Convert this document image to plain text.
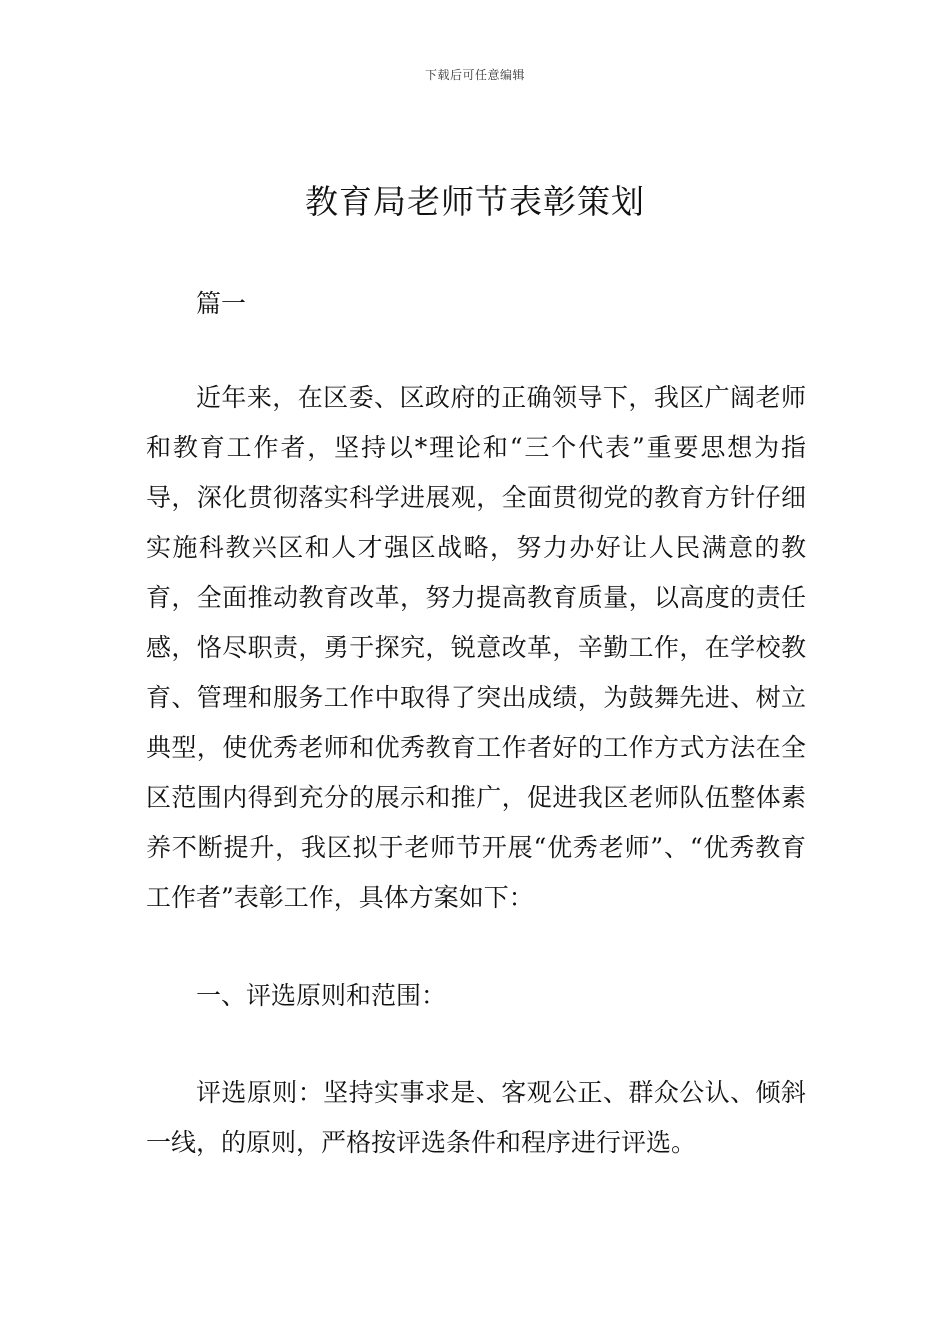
下载后可任意编辑
教育局老师节表彰策划

篇一

近年来，在区委、区政府的正确领导下，我区广阔老师和教育工作者，坚持以*理论和“三个代表”重要思想为指导，深化贯彻落实科学进展观，全面贯彻党的教育方针仔细实施科教兴区和人才强区战略，努力办好让人民满意的教育，全面推动教育改革，努力提高教育质量，以高度的责任感，恪尽职责，勇于探究，锐意改革，辛勤工作，在学校教育、管理和服务工作中取得了突出成绩，为鼓舞先进、树立典型，使优秀老师和优秀教育工作者好的工作方式方法在全区范围内得到充分的展示和推广，促进我区老师队伍整体素养不断提升，我区拟于老师节开展“优秀老师”、“优秀教育工作者”表彰工作，具体方案如下：

一、评选原则和范围：

评选原则：坚持实事求是、客观公正、群众公认、倾斜一线，的原则，严格按评选条件和程序进行评选。
